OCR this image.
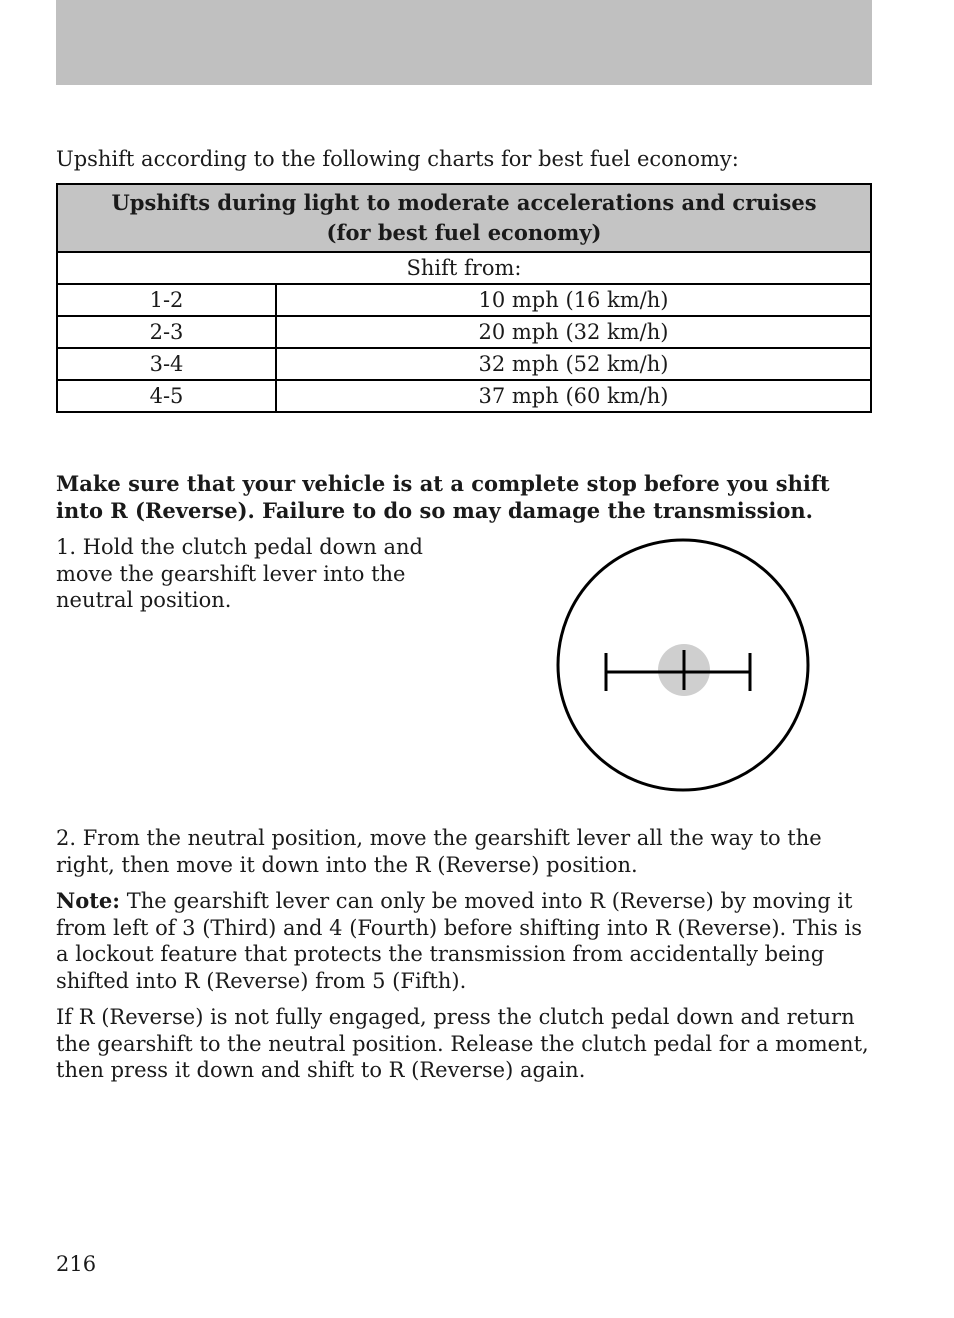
Upshift according to the following charts for best fuel economy:
Upshifts during light to moderate accelerations and cruises
(for best fuel economy)	
Shift from:	
1-2	10 mph (16 km/h)
2-3	20 mph (32 km/h)
3-4	32 mph (52 km/h)
4-5	37 mph (60 km/h)
Make sure that your vehicle is at a complete stop before you shift into R (Reverse). Failure to do so may damage the transmission.
1. Hold the clutch pedal down and move the gearshift lever into the neutral position.
2. From the neutral position, move the gearshift lever all the way to the right, then move it down into the R (Reverse) position.
Note: The gearshift lever can only be moved into R (Reverse) by moving it from left of 3 (Third) and 4 (Fourth) before shifting into R (Reverse). This is a lockout feature that protects the transmission from accidentally being shifted into R (Reverse) from 5 (Fifth).
If R (Reverse) is not fully engaged, press the clutch pedal down and return the gearshift to the neutral position. Release the clutch pedal for a moment, then press it down and shift to R (Reverse) again.
216
